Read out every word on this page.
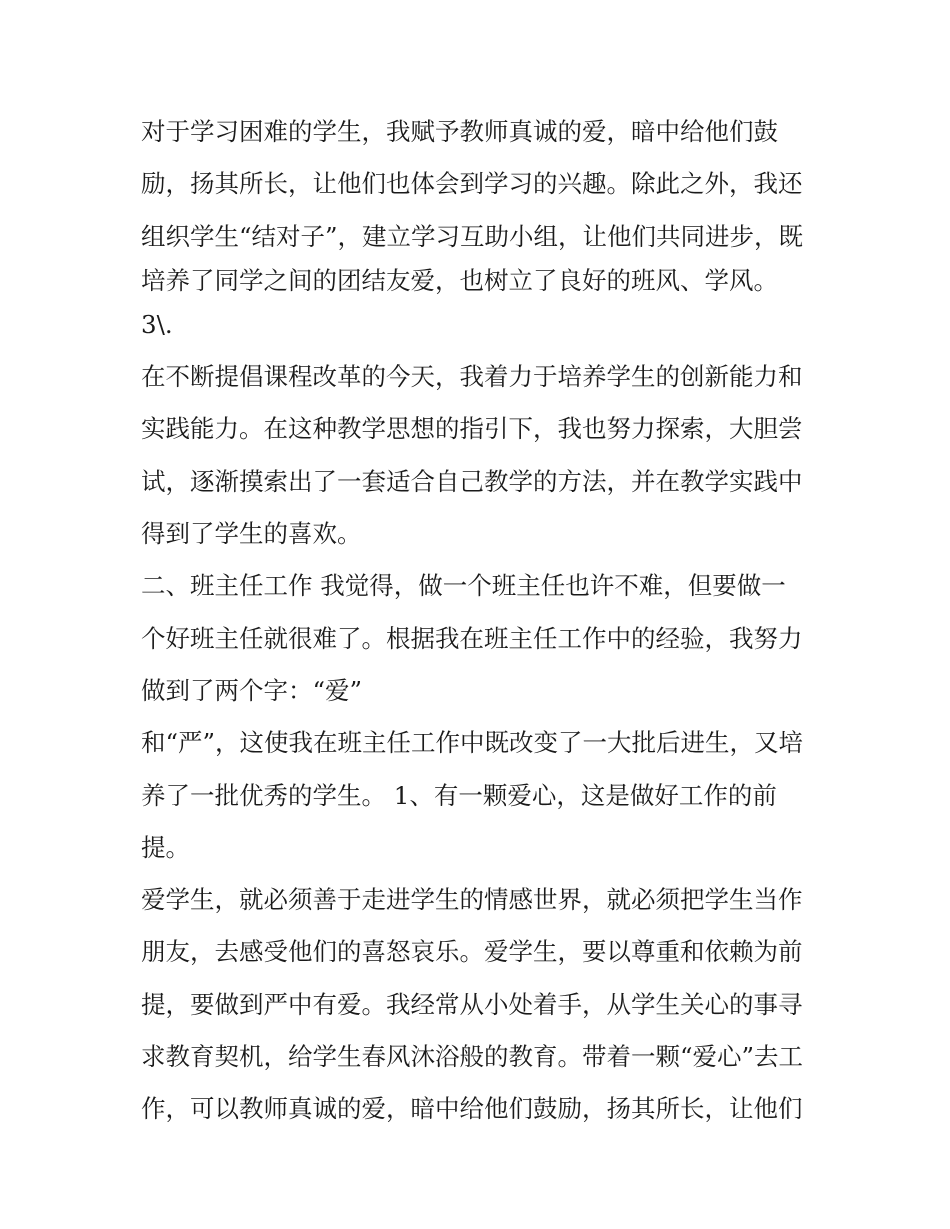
对于学习困难的学生，我赋予教师真诚的爱，暗中给他们鼓
励，扬其所长，让他们也体会到学习的兴趣。除此之外，我还
组织学生“结对子”，建立学习互助小组，让他们共同进步，既
培养了同学之间的团结友爱，也树立了良好的班风、学风。
3\.
在不断提倡课程改革的今天，我着力于培养学生的创新能力和
实践能力。在这种教学思想的指引下，我也努力探索，大胆尝
试，逐渐摸索出了一套适合自己教学的方法，并在教学实践中
得到了学生的喜欢。
二、班主任工作 我觉得，做一个班主任也许不难，但要做一
个好班主任就很难了。根据我在班主任工作中的经验，我努力
做到了两个字：“爱”
和“严”，这使我在班主任工作中既改变了一大批后进生，又培
养了一批优秀的学生。 1、有一颗爱心，这是做好工作的前
提。
爱学生，就必须善于走进学生的情感世界，就必须把学生当作
朋友，去感受他们的喜怒哀乐。爱学生，要以尊重和依赖为前
提，要做到严中有爱。我经常从小处着手，从学生关心的事寻
求教育契机，给学生春风沐浴般的教育。带着一颗“爱心”去工
作，可以教师真诚的爱，暗中给他们鼓励，扬其所长，让他们
